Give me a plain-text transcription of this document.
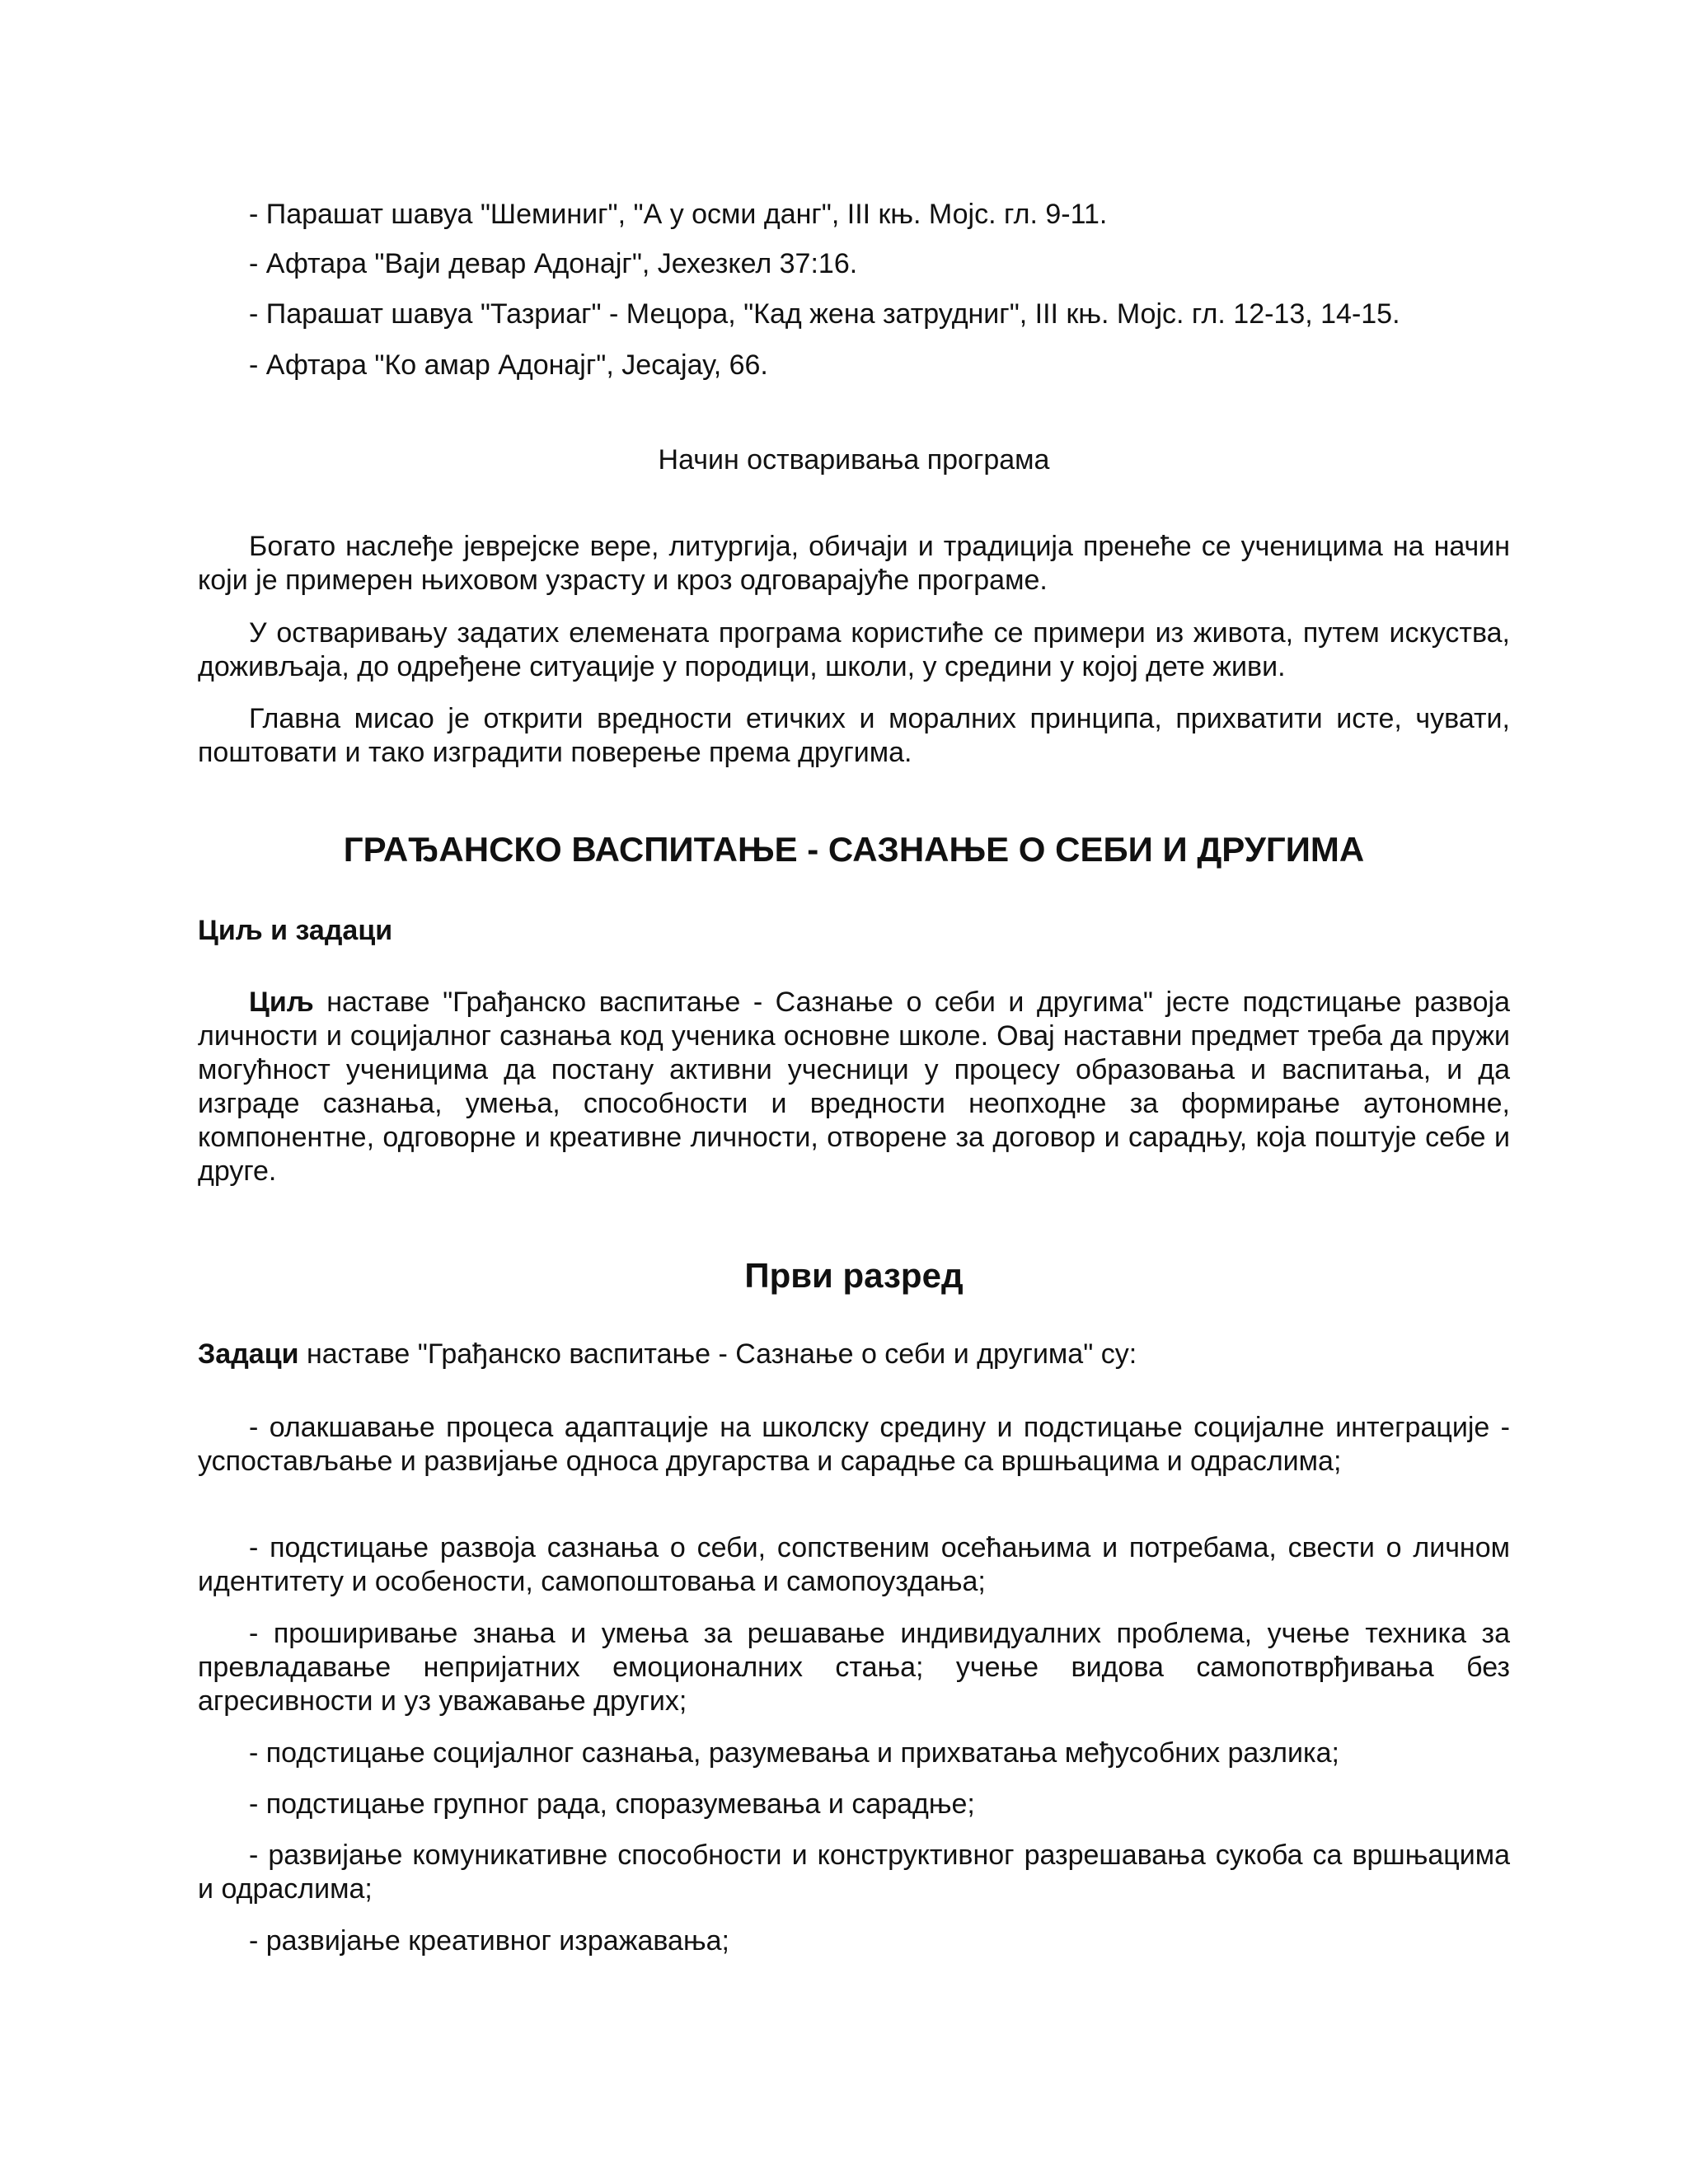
- Парашат шавуа "Шеминиг", "А у осми данг", III књ. Мојс. гл. 9-11.
- Афтара "Ваји девар Адонајг", Јехезкел 37:16.
- Парашат шавуа "Тазриаг" - Мецора, "Кад жена затрудниг", III књ. Мојс. гл. 12-13, 14-15.
- Афтара "Ко амар Адонајг", Јесајау, 66.
Начин остваривања програма

Богато наслеђе јеврејске вере, литургија, обичаји и традиција пренеће се ученицима на начин који је примерен њиховом узрасту и кроз одговарајуће програме.

У остваривању задатих елемената програма користиће се примери из живота, путем искуства, доживљаја, до одређене ситуације у породици, школи, у средини у којој дете живи.

Главна мисао је открити вредности етичких и моралних принципа, прихватити исте, чувати, поштовати и тако изградити поверење према другима.

ГРАЂАНСКО ВАСПИТАЊЕ - САЗНАЊЕ О СЕБИ И ДРУГИМА
Циљ и задаци

Циљ наставе "Грађанско васпитање - Сазнање о себи и другима" јесте подстицање развоја личности и социјалног сазнања код ученика основне школе. Овај наставни предмет треба да пружи могућност ученицима да постану активни учесници у процесу образовања и васпитања, и да изграде сазнања, умења, способности и вредности неопходне за формирање аутономне, компонентне, одговорне и креативне личности, отворене за договор и сарадњу, која поштује себе и друге.

Први разред

Задаци наставе "Грађанско васпитање - Сазнање о себи и другима" су:

- олакшавање процеса адаптације на школску средину и подстицање социјалне интеграције - успостављање и развијање односа другарства и сарадње са вршњацима и одраслима;

- подстицање развоја сазнања о себи, сопственим осећањима и потребама, свести о личном идентитету и особености, самопоштовања и самопоуздања;

- проширивање знања и умења за решавање индивидуалних проблема, учење техника за превладавање непријатних емоционалних стања; учење видова самопотврђивања без агресивности и уз уважавање других;

- подстицање социјалног сазнања, разумевања и прихватања међусобних разлика;

- подстицање групног рада, споразумевања и сарадње;

- развијање комуникативне способности и конструктивног разрешавања сукоба са вршњацима и одраслима;

- развијање креативног изражавања;
